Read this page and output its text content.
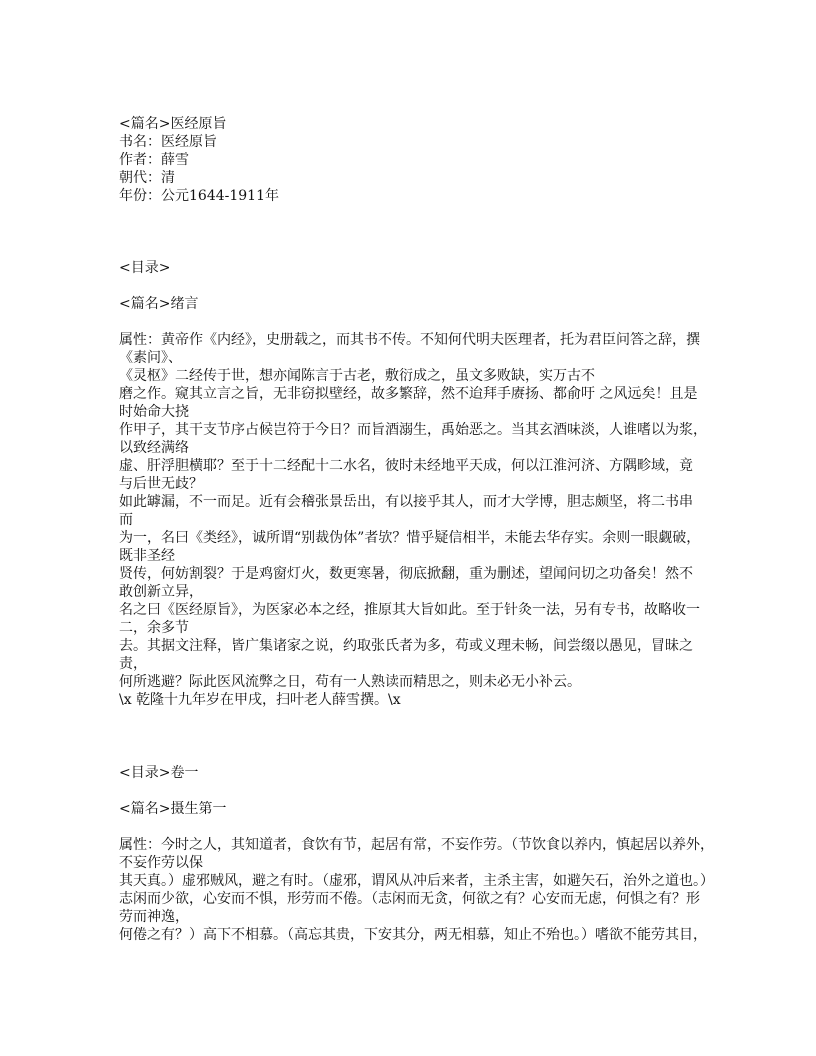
<篇名>医经原旨
书名：医经原旨
作者：薛雪
朝代：清
年份：公元1644-1911年
<目录>
<篇名>绪言
属性：黄帝作《内经》，史册载之，而其书不传。不知何代明夫医理者，托为君臣问答之辞，撰
《素问》、
《灵枢》二经传于世，想亦闻陈言于古老，敷衍成之，虽文多败缺，实万古不
磨之作。窥其立言之旨，无非窃拟壁经，故多繁辞，然不迨拜手赓扬、都俞吁 之风远矣！且是
时始命大挠
作甲子，其干支节序占候岂符于今日？而旨酒溺生，禹始恶之。当其玄酒味淡，人谁嗜以为浆，
以致经满络
虚、肝浮胆横耶？至于十二经配十二水名，彼时未经地平天成，何以江淮河济、方隅畛域，竟
与后世无歧？
如此罅漏，不一而足。近有会稽张景岳出，有以接乎其人，而才大学博，胆志颇坚，将二书串
而
为一，名曰《类经》，诚所谓“别裁伪体”者欤？惜乎疑信相半，未能去华存实。余则一眼觑破，
既非圣经
贤传，何妨割裂？于是鸡窗灯火，数更寒暑，彻底掀翻，重为删述，望闻问切之功备矣！然不
敢创新立异，
名之曰《医经原旨》，为医家必本之经，推原其大旨如此。至于针灸一法，另有专书，故略收一
二，余多节
去。其据文注释，皆广集诸家之说，约取张氏者为多，苟或义理未畅，间尝缀以愚见，冒昧之
责，
何所逃避？际此医风流弊之日，苟有一人熟读而精思之，则未必无小补云。
\x 乾隆十九年岁在甲戌，扫叶老人薛雪撰。\x
<目录>卷一
<篇名>摄生第一
属性：今时之人，其知道者，食饮有节，起居有常，不妄作劳。（节饮食以养内，慎起居以养外，
不妄作劳以保
其天真。）虚邪贼风，避之有时。（虚邪，谓风从冲后来者，主杀主害，如避矢石，治外之道也。）
志闲而少欲，心安而不惧，形劳而不倦。（志闲而无贪，何欲之有？心安而无虑，何惧之有？形
劳而神逸，
何倦之有？）高下不相慕。（高忘其贵，下安其分，两无相慕，知止不殆也。）嗜欲不能劳其目，
